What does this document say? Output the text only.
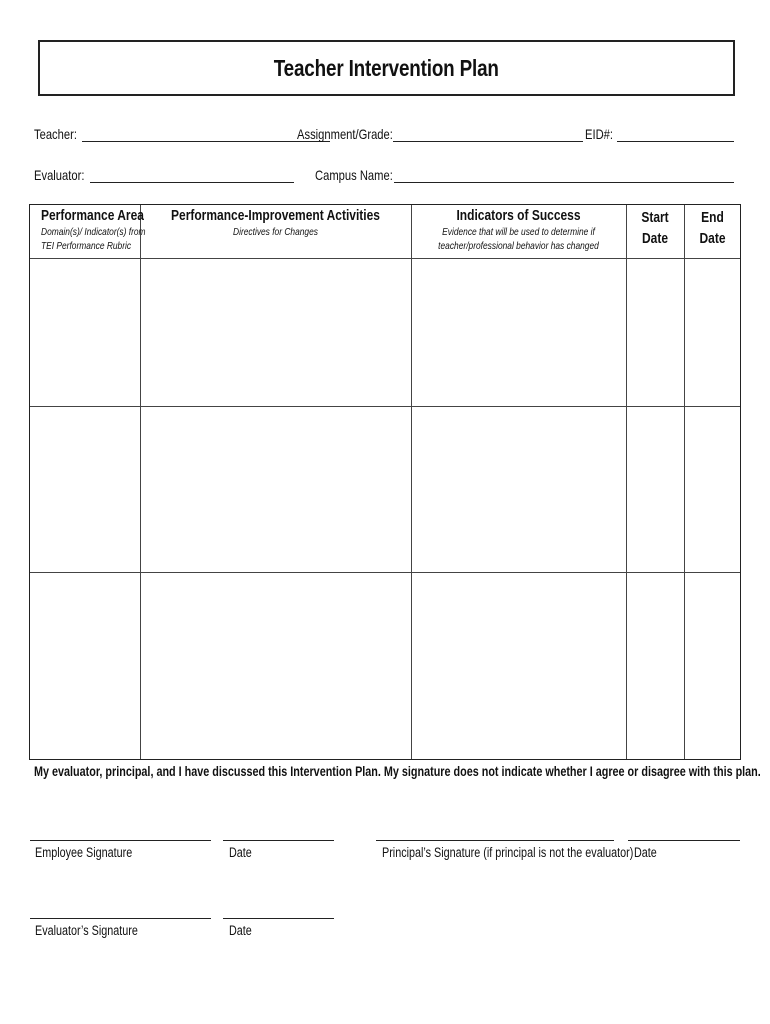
Teacher Intervention Plan
Teacher:	Assignment/Grade:	EID#:
Evaluator:	Campus Name:
Performance Area
Domain(s)/ Indicator(s) from
TEI Performance Rubric
Performance-Improvement Activities
Directives for Changes
Indicators of Success
Evidence that will be used to determine if
teacher/professional behavior has changed
Start
Date
End
Date
My evaluator, principal, and I have discussed this Intervention Plan. My signature does not indicate whether I agree or disagree with this plan.
Employee Signature	Date	Principal’s Signature (if principal is not the evaluator) Date
Evaluator’s Signature	Date
